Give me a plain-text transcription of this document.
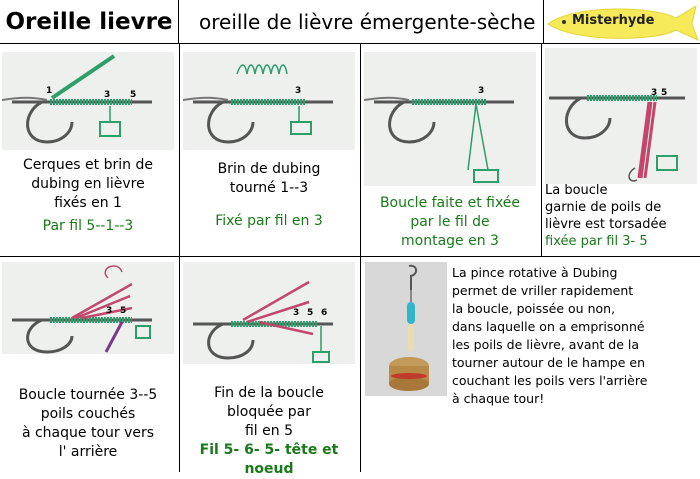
Oreille lievre oreille de lièvre émergente-sèche	Misterhyde
1	3 5
Cerques et brin de
dubing en lièvre
fixés en 1
Par fil 5--1--3
3
Brin de dubing
tourné 1--3
Fixé par fil en 3
3
Boucle faite et fixée
par le fil de
montage en 3
3 5
La boucle
garnie de poils de
lièvre est torsadée
fixée par fil 3- 5
3 5
Boucle tournée 3--5
poils couchés
à chaque tour vers
l' arrière
3 5 6
Fin de la boucle
bloquée par
fil en 5
Fil 5- 6- 5- tête et noeud
La pince rotative à Dubing
permet de vriller rapidement
la boucle, poissée ou non,
dans laquelle on a emprisonné
les poils de lièvre, avant de la
tourner autour de le hampe en
couchant les poils vers l'arrière
à chaque tour!
